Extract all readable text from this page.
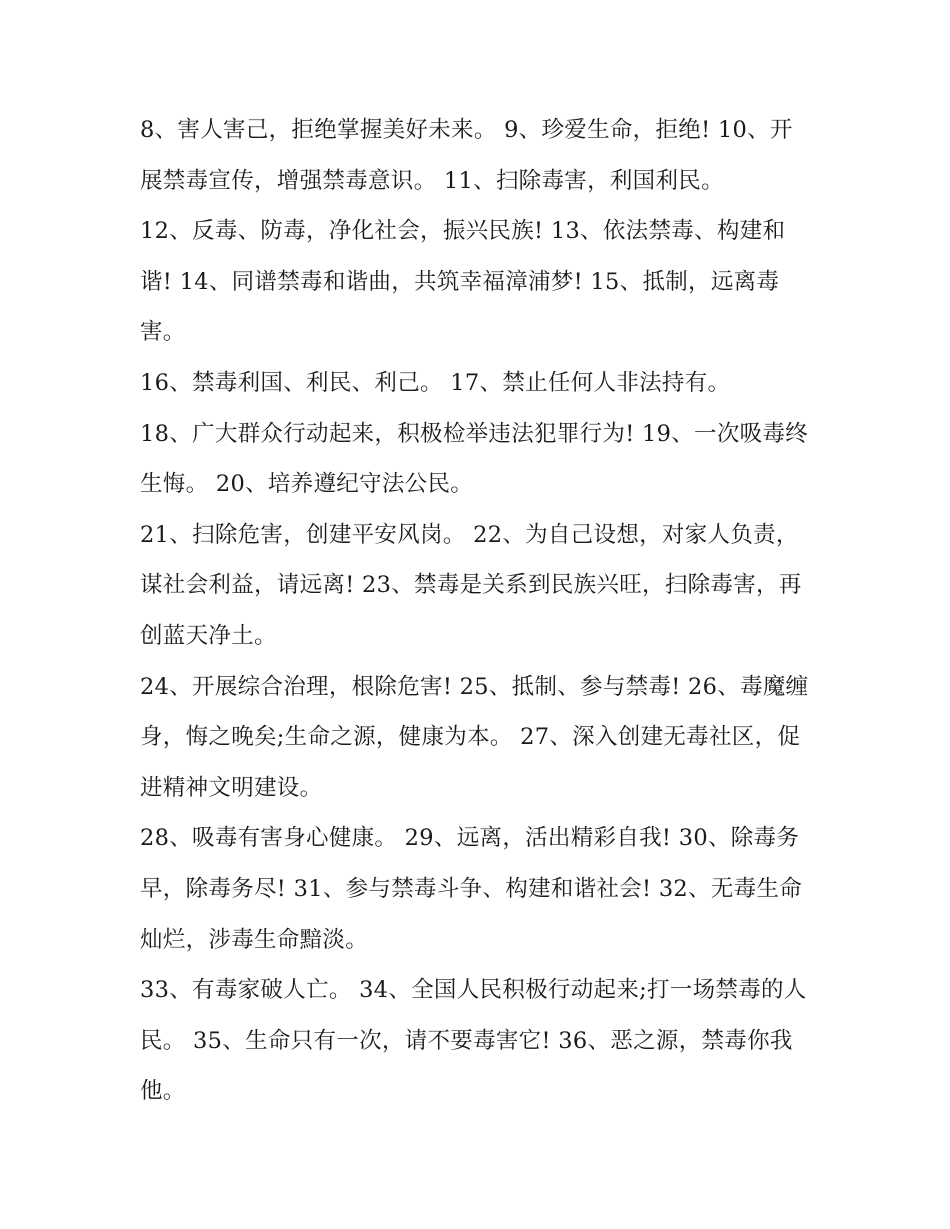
8、害人害己，拒绝掌握美好未来。 9、珍爱生命，拒绝! 10、开展禁毒宣传，增强禁毒意识。 11、扫除毒害，利国利民。

12、反毒、防毒，净化社会，振兴民族! 13、依法禁毒、构建和谐! 14、同谱禁毒和谐曲，共筑幸福漳浦梦! 15、抵制，远离毒害。

16、禁毒利国、利民、利己。 17、禁止任何人非法持有。

18、广大群众行动起来，积极检举违法犯罪行为! 19、一次吸毒终生悔。 20、培养遵纪守法公民。

21、扫除危害，创建平安风岗。 22、为自己设想，对家人负责，谋社会利益，请远离! 23、禁毒是关系到民族兴旺，扫除毒害，再创蓝天净土。

24、开展综合治理，根除危害! 25、抵制、参与禁毒! 26、毒魔缠身，悔之晚矣;生命之源，健康为本。 27、深入创建无毒社区，促进精神文明建设。

28、吸毒有害身心健康。 29、远离，活出精彩自我! 30、除毒务早，除毒务尽! 31、参与禁毒斗争、构建和谐社会! 32、无毒生命灿烂，涉毒生命黯淡。

33、有毒家破人亡。 34、全国人民积极行动起来;打一场禁毒的人民。 35、生命只有一次，请不要毒害它! 36、恶之源，禁毒你我他。
